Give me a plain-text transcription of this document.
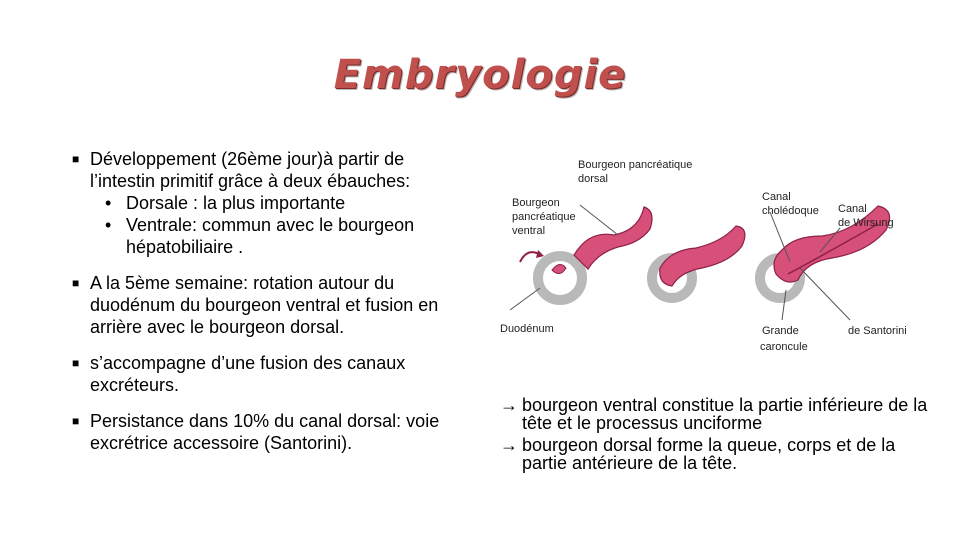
Embryologie
■ Développement (26ème jour)à partir de l’intestin primitif grâce à deux ébauches:
• Dorsale : la plus importante
• Ventrale: commun avec le bourgeon hépatobiliaire .
■ A la 5ème semaine: rotation autour du duodénum du bourgeon ventral et fusion en arrière avec le bourgeon dorsal.
■ s’accompagne d’une fusion des canaux excréteurs.
■ Persistance dans 10% du canal dorsal: voie excrétrice accessoire (Santorini).
Bourgeon pancréatique
dorsal
Bourgeon
pancréatique
ventral
Duodénum
Canal
cholédoque Canal
de Wirsung
Grande
caroncule
de Santorini
→ bourgeon ventral constitue la partie inférieure de la tête et le processus unciforme
→ bourgeon dorsal forme la queue, corps et de la partie antérieure de la tête.
